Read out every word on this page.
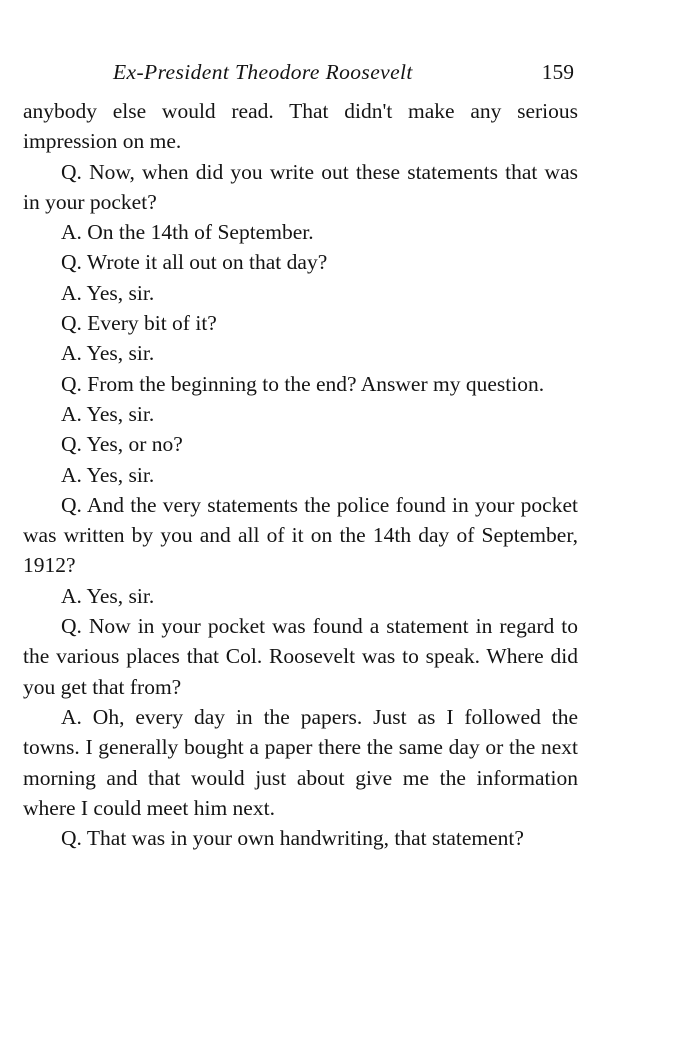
Ex-President Theodore Roosevelt	159

anybody else would read. That didn't make any serious impression on me.

Q. Now, when did you write out these statements that was in your pocket?

A. On the 14th of September.

Q. Wrote it all out on that day?

A. Yes, sir.

Q. Every bit of it?

A. Yes, sir.

Q. From the beginning to the end? Answer my question.

A. Yes, sir.

Q. Yes, or no?

A. Yes, sir.

Q. And the very statements the police found in your pocket was written by you and all of it on the 14th day of September, 1912?

A. Yes, sir.

Q. Now in your pocket was found a statement in regard to the various places that Col. Roosevelt was to speak. Where did you get that from?

A. Oh, every day in the papers. Just as I followed the towns. I generally bought a paper there the same day or the next morning and that would just about give me the information where I could meet him next.

Q. That was in your own handwriting, that statement?
